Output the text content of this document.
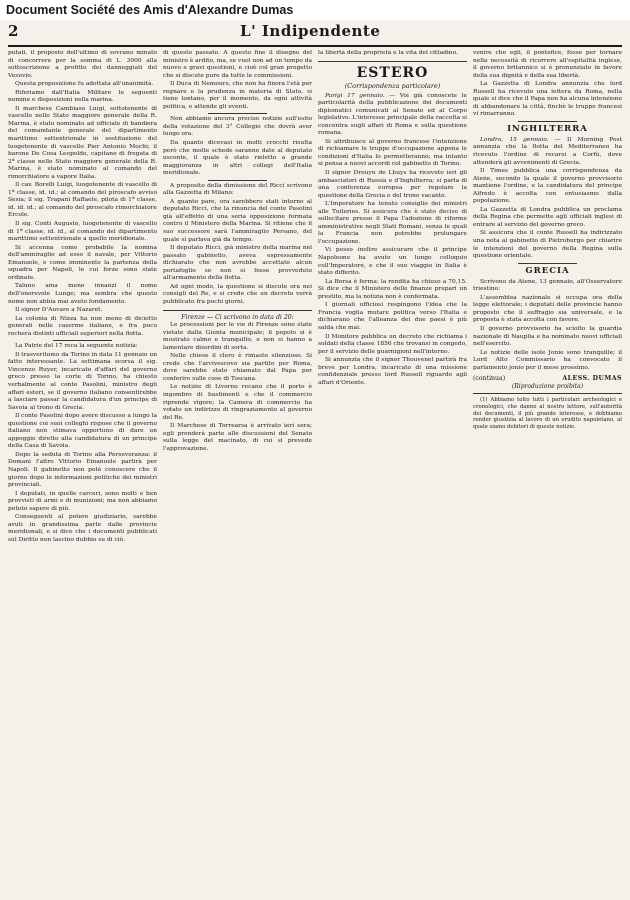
Document Société des Amis d'Alexandre Dumas
2	L' Indipendente

putati, il proposto dell'ultimo di sovrano minato di concorrere per la somma di L. 3000 alla sottoscrizione a profitto dei danneggiati del Vesuvio.

Questa proposizione fu adottata all'unanimità.

Riferiamo dall'Italia Militare le seguenti nomine e disposizioni nella marina.

Il marchese Cambiaso Luigi, sottotenente di vascello nello Stato maggiore generale della R. Marina, è stato nominato ad ufficiale di bandiera del comandante generale del dipartimento marittimo settentrionale in sostituzione del luogotenente di vascello Pier Antonio Mochi; il barone De Cosa Leopoldo, capitano di fregata di 2ª classe nello Stato maggiore generale della R. Marina, è stato nominato al comando del rimorchiatore a vapore Italia.

Il cav. Borelli Luigi, luogotenente di vascello di 1ª classe, id. id.; al comando del piroscafo avviso Sesia; il sig. Trapani Raffaele, pilota di 1ª classe, id. id. id.; al comando del piroscafo rimorchiatore Ercole.

Il sig. Conti Augusto, luogotenente di vascello di 1ª classe, id. id., al comando del dipartimento marittimo settentrionale a quello meridionale.

Si accenna come probabile la nomina dell'ammiraglio ad esso il navale, per Vittorio Emanuele, e come imminente la partenza della squadra per Napoli, le cui forze sono state ordinate.

Taluno ama meno innanzi il nome dell'onorevole Lunge; ma sembra che questo nome non abbia mai avuto fondamento.

Il signor D'Auvare a Nazaret.

La colonia di Nizza ha non meno di diciotto generali nelle caserme italiane, e fra poco recherà distinti ufficiali superiori nella flotta.

La Patrie del 17 reca la seguente notizia:

Il trasveritomo da Torino in data 11 gennaio un fatto interessante. La settimana scorsa il sig. Vincenzo Ruyer, incaricato d'affari del governo greco presso la corte di Torino, ha chiesto verbalmente al conte Pasolini, ministro degli affari esteri, se il governo italiano consentirebbe a lasciare passar la candidatura d'un principe di Savoia al trono di Grecia.

Il conte Pasolini dopo avere discusso a lungo la questione coi suoi colleghi rispose che il governo italiano non stimava opportuno di dare un appoggio diretto alla candidatura di un principe della Casa di Savoia.

Dopo la seduta di Torino alla Perseveranza: il Domani l'altro Vittorio Emanuele partirà per Napoli. Il gabinetto non potè conoscere che il giorno dopo le informazioni politiche dei ministri provinciali.

I deputati, in quelle carceri, sono molti e ben provvisti di armi e di munizioni; ma non abbiamo potuto sapere di più.

Conseguenti al potere giudiziario, sarebbe avuti in grandissima parte dalle provincie meridionali, e si dice che i documenti pubblicati sul Diritto non lascino dubbio su di ciò.

di questo passato. A questo fine il disegno del ministro è ardito, ma, se vuol non ad un tempo da nuovo e gravi questioni, e cioè col gran progetto che si discute pure da tutte le commissioni.

Il Duca di Nemours, che non ha finora l'età per regnare e la prudenza in materia di Stato, si tiene lontano, per il momento, da ogni attività politica, e attende gli eventi.

Non abbiamo ancora precise notizie sull'esito della votazione del 3° Collegio che dovrà aver luogo ora.

Da quanto dicevasi in molti crocchi risulta però che molte schede saranno date al deputato uscente, il quale è stato rieletto a grande maggioranza in altri collegi dell'Italia meridionale.

A proposito della dimissione del Ricci scrivono alla Gazzetta di Milano:

A quanto pare, ora sarebbero stati intorno al deputato Ricci, che la rinuncia del conte Pasolini già all'effetto di una seria opposizione formata contro il Ministero della Marina. Si ritiene che il suo successore sarà l'ammiraglio Persano, del quale si parlava già da tempo.

Il deputato Ricci, già ministro della marina nel passato gabinetto, aveva espressamente dichiarato che non avrebbe accettato alcun portafoglio se non si fosse provveduto all'armamento della flotta.

Ad ogni modo, la questione si discute ora nei consigli del Re, e si crede che un decreto verrà pubblicato fra pochi giorni.

Firenze — Ci scrivono in data di 20:

Le processioni per le vie di Firenze sono state vietate dalla Giunta municipale; il popolo si è mostrato calmo e tranquillo, e non si hanno a lamentare disordini di sorta.

Nelle chiese il clero è rimasto silenzioso. Si crede che l'arcivescovo sia partito per Roma, dove sarebbe stato chiamato dal Papa per conferire sulle cose di Toscana.

Le notizie di Livorno recano che il porto è ingombro di bastimenti e che il commercio riprende vigore; la Camera di commercio ha votato un indirizzo di ringraziamento al governo del Re.

Il Marchese di Torrearsa è arrivato ieri sera; egli prenderà parte alle discussioni del Senato sulla legge del macinato, di cui si prevede l'approvazione.

la libertà della proprietà e la vita del cittadino.

ESTERO
(Corrispondenza particolare)

Parigi 17 gennaio. — Voi già conoscete le particolarità della pubblicazione dei documenti diplomatici comunicati al Senato ed al Corpo legislativo. L'interesse principale della raccolta si concentra sugli affari di Roma e sulla questione romana.

Si attribuisce al governo francese l'intenzione di richiamare le truppe d'occupazione appena le condizioni d'Italia lo permetteranno; ma intanto si pensa a nuovi accordi col gabinetto di Torino.

Il signor Drouyn de Lhuys ha ricevuto ieri gli ambasciatori di Russia e d'Inghilterra; si parla di una conferenza europea per regolare la questione della Grecia e del trono vacante.

L'Imperatore ha tenuto consiglio dei ministri alle Tuileries. Si assicura che è stato deciso di sollecitare presso il Papa l'adozione di riforme amministrative negli Stati Romani, senza le quali la Francia non potrebbe prolungare l'occupazione.

Vi posso inoltre assicurare che il principe Napoleone ha avuto un lungo colloquio coll'Imperatore, e che il suo viaggio in Italia è stato differito.

La Borsa è ferma: la rendita ha chiuso a 70,15. Si dice che il Ministero delle finanze prepari un prestito, ma la notizia non è confermata.

I giornali ufficiosi respingono l'idea che la Francia voglia mutare politica verso l'Italia e dichiarano che l'alleanza dei due paesi è più salda che mai.

Il Monitore pubblica un decreto che richiama i soldati della classe 1856 che trovansi in congedo, per il servizio delle guarnigioni nell'interno.

Si annunzia che il signor Thouvenel partirà fra breve per Londra, incaricato di una missione confidenziale presso lord Russell riguardo agli affari d'Oriente.

venire che egli, il pontefice, fosse per tornare nella necessità di ricorrere all'ospitalità inglese, il governo britannico si è pronunziato in favore della sua dignità e della sua libertà.

La Gazzetta di Londra annunzia che lord Russell ha ricevuto una lettera da Roma, nella quale si dice che il Papa non ha alcuna intenzione di abbandonare la città, finchè le truppe francesi vi rimarranno.

INGHILTERRA

Londra, 15 gennaio. — Il Morning Post annunzia che la flotta del Mediterraneo ha ricevuto l'ordine di recarsi a Corfù, dove attenderà gli avvenimenti di Grecia.

Il Times pubblica una corrispondenza da Atene, secondo la quale il governo provvisorio mantiene l'ordine, e la candidatura del principe Alfredo è accolta con entusiasmo dalla popolazione.

La Gazzetta di Londra pubblica un proclama della Regina che permette agli ufficiali inglesi di entrare al servizio del governo greco.

Si assicura che il conte Russell ha indirizzato una nota al gabinetto di Pietroburgo per chiarire le intenzioni del governo della Regina sulla questione orientale.

GRECIA

Scrivono da Atene, 13 gennaio, all'Osservatore triestino:

L'assemblea nazionale si occupa ora della legge elettorale; i deputati delle provincie hanno proposto che il suffragio sia universale, e la proposta è stata accolta con favore.

Il governo provvisorio ha sciolto la guardia nazionale di Nauplia e ha nominato nuovi ufficiali nell'esercito.

Le notizie delle isole Jonie sono tranquille; il Lord Alto Commissario ha convocato il parlamento jonio per il mese prossimo.

(continua)	ALESS. DUMAS
(Riproduzione proibita)

(1) Abbiamo tolto tutti i particolari archeologici e cronologici, che danno al nostro lettore, sull'autorità dei documenti, il più grande interesse, e dobbiamo render giustizia al lavoro di un erudito napoletano, al quale siamo debitori di queste notizie.
